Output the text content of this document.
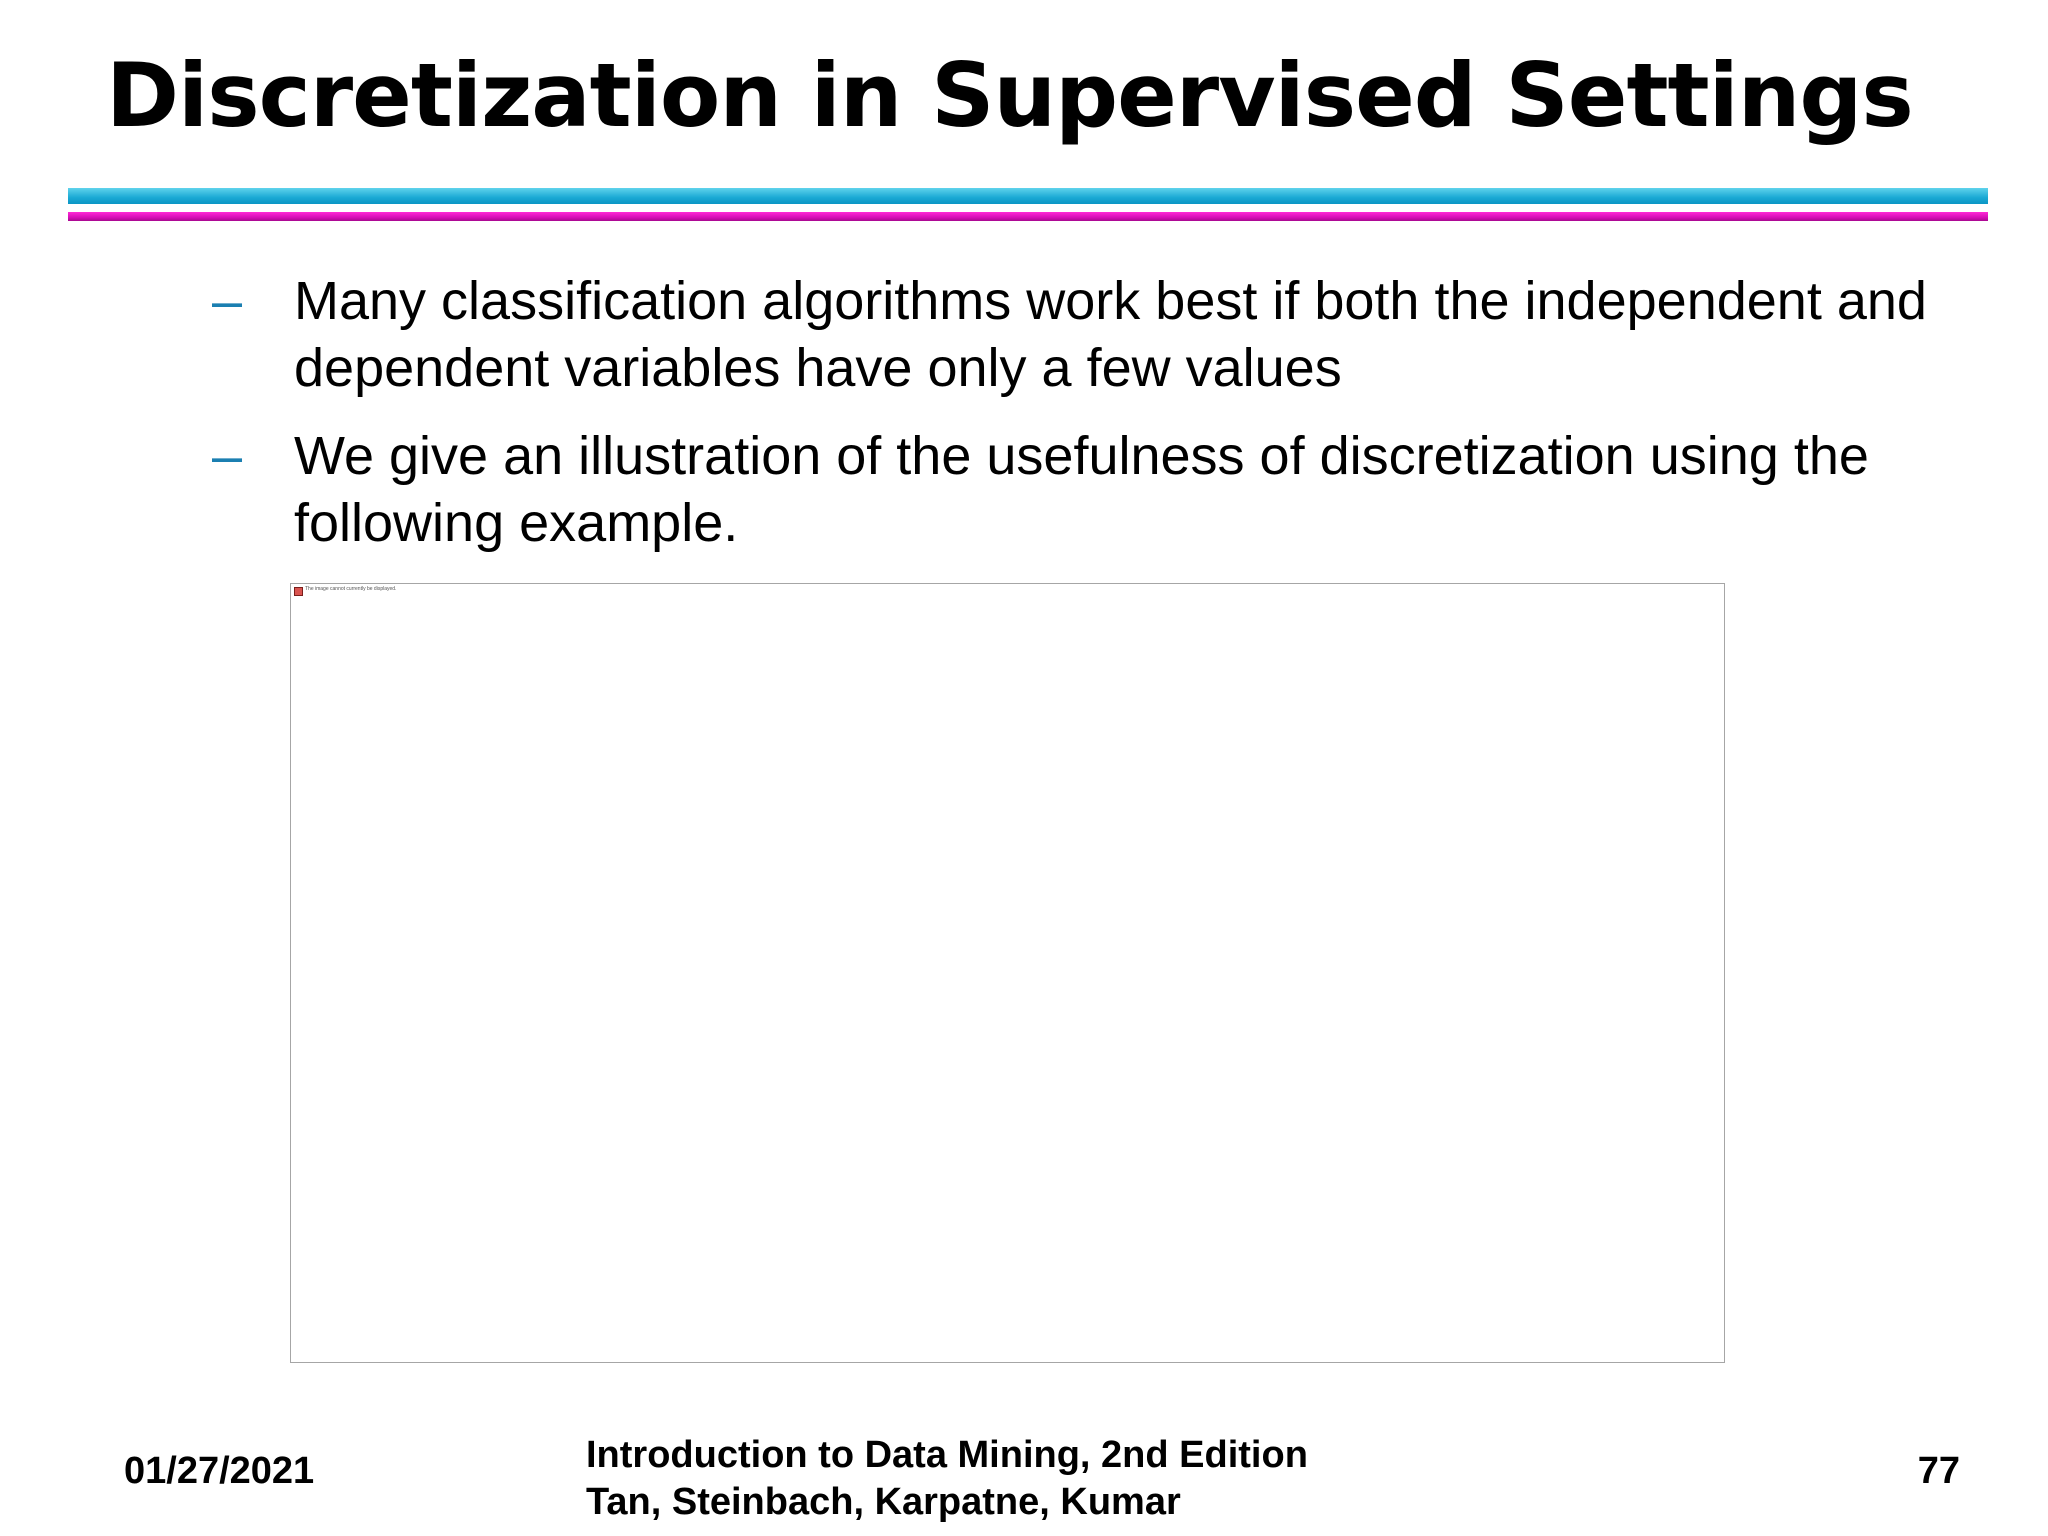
Discretization in Supervised Settings
– Many classification algorithms work best if both the independent and dependent variables have only a few values
– We give an illustration of the usefulness of discretization using the following example.
The image cannot currently be displayed.
01/27/2021	Introduction to Data Mining, 2nd Edition
Tan, Steinbach, Karpatne, Kumar
77
